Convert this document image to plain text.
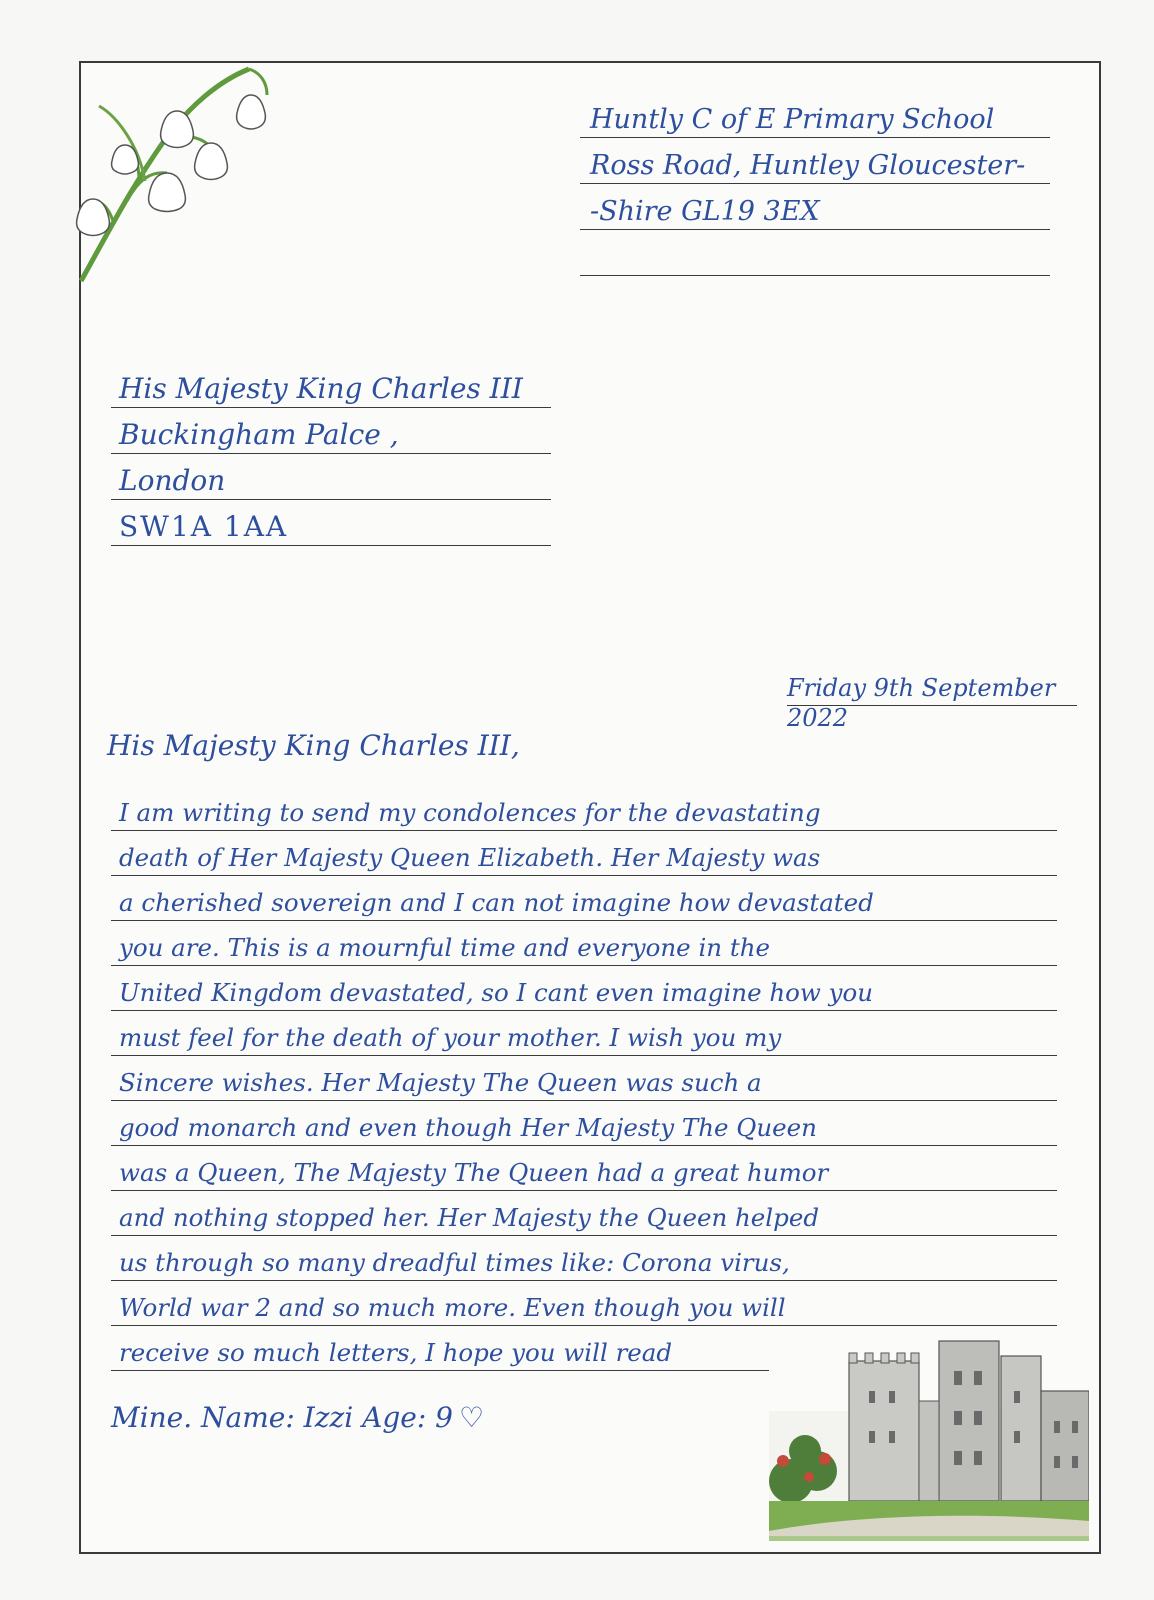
Huntly C of E Primary School
Ross Road, Huntley Gloucester-
-Shire GL19 3EX
His Majesty King Charles III
Buckingham Palce ,
London
SW1A 1AA
Friday 9th September 2022
His Majesty King Charles III,
I am writing to send my condolences for the devastating
death of Her Majesty Queen Elizabeth. Her Majesty was
a cherished sovereign and I can not imagine how devastated
you are. This is a mournful time and everyone in the
United Kingdom devastated, so I cant even imagine how you
must feel for the death of your mother. I wish you my
Sincere wishes. Her Majesty The Queen was such a
good monarch and even though Her Majesty The Queen
was a Queen, The Majesty The Queen had a great humor
and nothing stopped her. Her Majesty the Queen helped
us through so many dreadful times like: Corona virus,
World war 2 and so much more. Even though you will
receive so much letters, I hope you will read
Mine. Name: Izzi Age: 9 ♡
